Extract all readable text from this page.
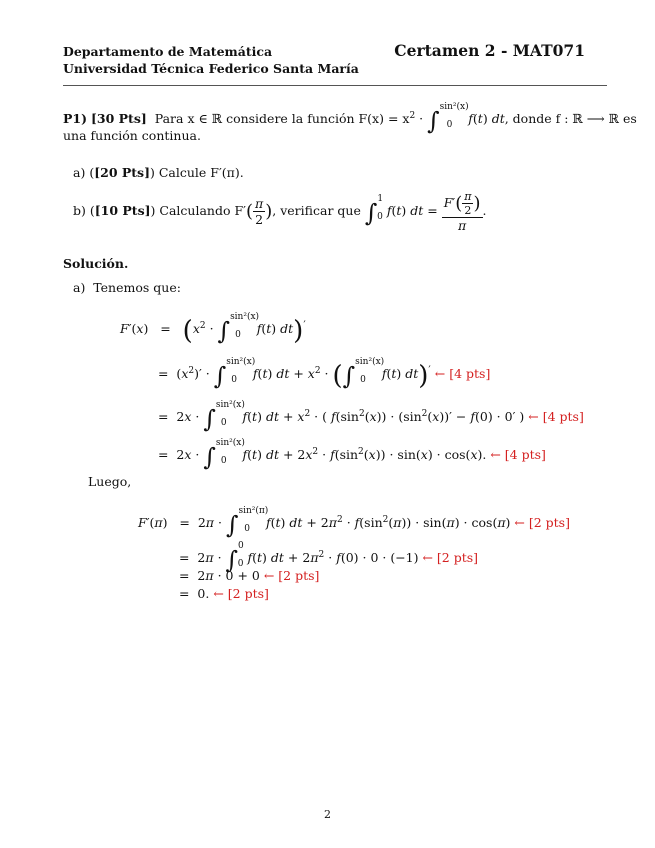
Departamento de Matemática
Universidad Técnica Federico Santa María
Certamen 2 - MAT071
P1) [30 Pts] Para x ∈ ℝ considere la función $F(x) = x^2 \cdot \int^{sin^2(x)}_0$ f(t) dt, donde f : ℝ ⟶ ℝ es
una función continua.
a) ([20 Pts]) Calcule F′(π).
b) ([10 Pts]) Calculando $F'( \frac{\pi}{2}$ ), verificar que ∫$^1_0$ f(t) dt = $\frac{F'( \frac{\pi}{2} )}{\pi}$ .
Solución.
a)  Tenemos que:
$F'(x) = (x^2 \cdot \int^{sin^2(x)}_0$ f(t) dt)′
=  $(x^2)' \cdot \int^{sin^2(x)}_0$ f(t) dt + $x^2 \cdot (\int^{sin^2(x)}_0$ f(t) dt)′ ← [4 pts]
=  2x · ∫$^{sin^2(x)}_0$ f(t) dt + $x^2$ · ( $f(\sin^2(x)) \cdot (\sin^2(x))' - f(0) \cdot 0'$ ) ← [4 pts]
=  2x · ∫$^{sin^2(x)}_0$ f(t) dt + $2x^2 \cdot f(\sin^2(x)) \cdot \sin(x) \cdot \cos(x)$. ← [4 pts]
Luego,
F′(π)   =  2π · ∫$^{sin^2(\pi)}_0$ f(t) dt + $2\pi^2 \cdot f(\sin^2(\pi)) \cdot \sin(\pi) \cdot \cos(\pi)$ ← [2 pts]
=  2π · ∫$^0_0$ f(t) dt + $2\pi^2 \cdot f(0) \cdot 0 \cdot (-1)$ ← [2 pts]
=  2π · 0 + 0 ← [2 pts]
=  0. ← [2 pts]
2
